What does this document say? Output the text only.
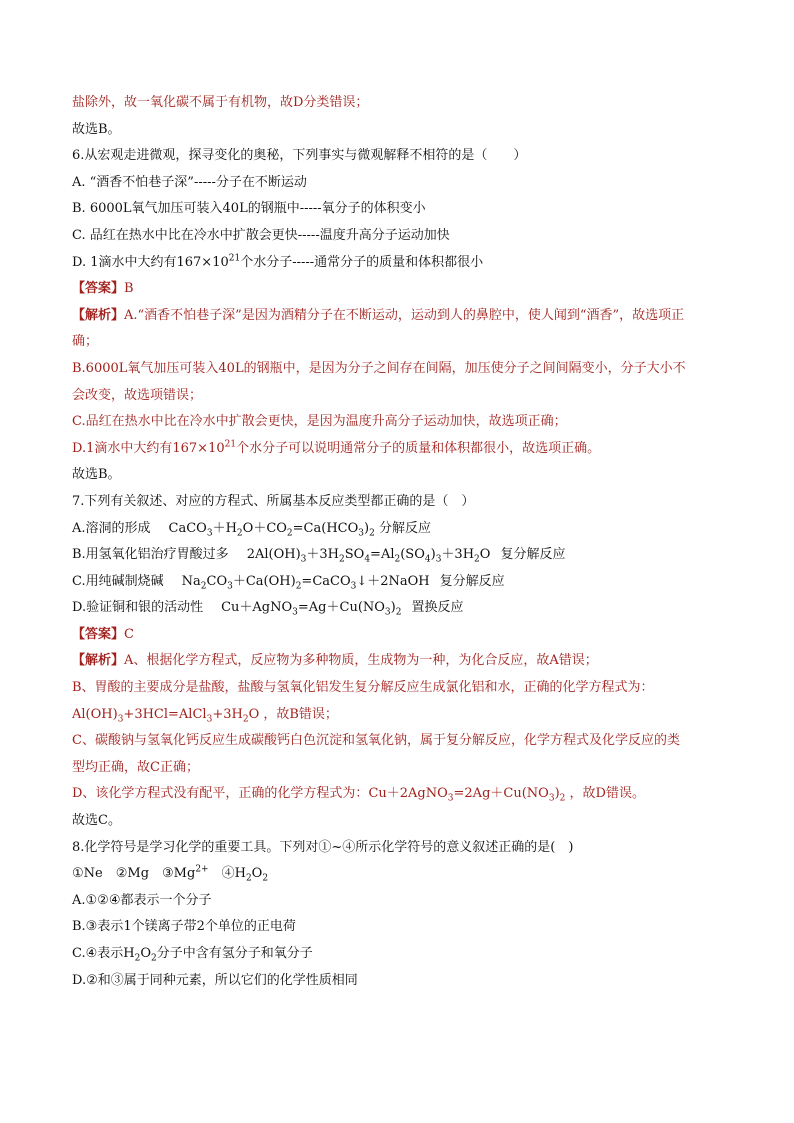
盐除外，故一氧化碳不属于有机物，故D分类错误；
故选B。
6.从宏观走进微观，探寻变化的奥秘，下列事实与微观解释不相符的是（　　）
A. “酒香不怕巷子深”-----分子在不断运动
B. 6000L氧气加压可装入40L的钢瓶中-----氧分子的体积变小
C. 品红在热水中比在冷水中扩散会更快-----温度升高分子运动加快
D. 1滴水中大约有$167\times 10^{21}$个水分子-----通常分子的质量和体积都很小
【答案】B
【解析】A.“酒香不怕巷子深”是因为酒精分子在不断运动，运动到人的鼻腔中，使人闻到“酒香”，故选项正
确；
B.6000L氧气加压可装入40L的钢瓶中，是因为分子之间存在间隔，加压使分子之间间隔变小，分子大小不
会改变，故选项错误；
C.品红在热水中比在冷水中扩散会更快，是因为温度升高分子运动加快，故选项正确；
D.1滴水中大约有$167\times 10^{21}$个水分子可以说明通常分子的质量和体积都很小，故选项正确。
故选B。
7.下列有关叙述、对应的方程式、所属基本反应类型都正确的是（　）
A.溶洞的形成 $CaCO_3+H_2O+CO_2=Ca(HCO_3)_2$ 分解反应
B.用氢氧化铝治疗胃酸过多 $2Al(OH)_3+3H_2SO_4=Al_2(SO_4)_3+3H_2O$ 复分解反应
C.用纯碱制烧碱 $Na_2CO_3+Ca(OH)_2=CaCO_3↓+2NaOH$ 复分解反应
D.验证铜和银的活动性 $Cu+AgNO_3=Ag+Cu(NO_3)_2$ 置换反应
【答案】C
【解析】A、根据化学方程式，反应物为多种物质，生成物为一种，为化合反应，故A错误；
B、胃酸的主要成分是盐酸，盐酸与氢氧化铝发生复分解反应生成氯化铝和水，正确的化学方程式为：
$Al(OH)_3+3HCl=AlCl_3+3H_2O$ ，故B错误；
C、碳酸钠与氢氧化钙反应生成碳酸钙白色沉淀和氢氧化钠，属于复分解反应，化学方程式及化学反应的类
型均正确，故C正确；
D、该化学方程式没有配平，正确的化学方程式为：$Cu+2AgNO_3=2Ag+Cu(NO_3)_2$ ，故D错误。
故选C。
8.化学符号是学习化学的重要工具。下列对①~④所示化学符号的意义叙述正确的是(　)
①Ne　②Mg　$③Mg^{2+}$　$④H_2O_2$
A.①②④都表示一个分子
B.③表示1个镁离子带2个单位的正电荷
C.④表示$H_2O_2$分子中含有氢分子和氧分子
D.②和③属于同种元素，所以它们的化学性质相同
